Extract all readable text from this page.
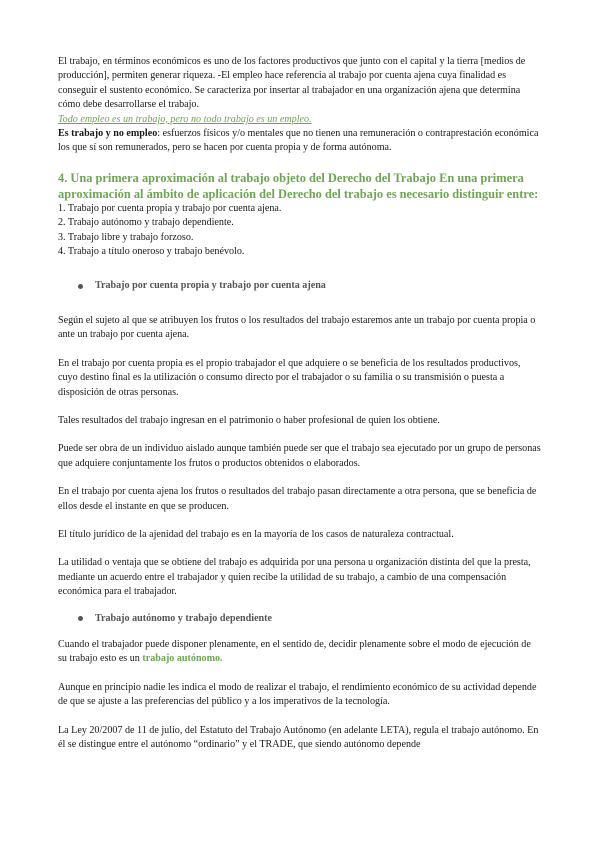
El trabajo, en términos económicos es uno de los factores productivos que junto con el capital y la tierra [medios de producción], permiten generar riqueza. -El empleo hace referencia al trabajo por cuenta ajena cuya finalidad es conseguir el sustento económico. Se caracteriza por insertar al trabajador en una organización ajena que determina cómo debe desarrollarse el trabajo.

Todo empleo es un trabajo, pero no todo trabajo es un empleo.

Es trabajo y no empleo: esfuerzos físicos y/o mentales que no tienen una remuneración o contraprestación económica los que sí son remunerados, pero se hacen por cuenta propia y de forma autónoma.

4. Una primera aproximación al trabajo objeto del Derecho del Trabajo En una primera aproximación al ámbito de aplicación del Derecho del trabajo es necesario distinguir entre:

1. Trabajo por cuenta propia y trabajo por cuenta ajena.

2. Trabajo autónomo y trabajo dependiente.

3. Trabajo libre y trabajo forzoso.

4. Trabajo a título oneroso y trabajo benévolo.

Trabajo por cuenta propia y trabajo por cuenta ajena

Según el sujeto al que se atribuyen los frutos o los resultados del trabajo estaremos ante un trabajo por cuenta propia o ante un trabajo por cuenta ajena.

En el trabajo por cuenta propia es el propio trabajador el que adquiere o se beneficia de los resultados productivos, cuyo destino final es la utilización o consumo directo por el trabajador o su familia o su transmisión o puesta a disposición de otras personas.

Tales resultados del trabajo ingresan en el patrimonio o haber profesional de quien los obtiene.

Puede ser obra de un individuo aislado aunque también puede ser que el trabajo sea ejecutado por un grupo de personas que adquiere conjuntamente los frutos o productos obtenidos o elaborados.

En el trabajo por cuenta ajena los frutos o resultados del trabajo pasan directamente a otra persona, que se beneficia de ellos desde el instante en que se producen.

El título jurídico de la ajenidad del trabajo es en la mayoría de los casos de naturaleza contractual.

La utilidad o ventaja que se obtiene del trabajo es adquirida por una persona u organización distinta del que la presta, mediante un acuerdo entre el trabajador y quien recibe la utilidad de su trabajo, a cambio de una compensación económica para el trabajador.

Trabajo autónomo y trabajo dependiente

Cuando el trabajador puede disponer plenamente, en el sentido de, decidir plenamente sobre el modo de ejecución de su trabajo esto es un trabajo autónomo.

Aunque en principio nadie les indica el modo de realizar el trabajo, el rendimiento económico de su actividad depende de que se ajuste a las preferencias del público y a los imperativos de la tecnología.

La Ley 20/2007 de 11 de julio, del Estatuto del Trabajo Autónomo (en adelante LETA), regula el trabajo autónomo. En él se distingue entre el autónomo “ordinario” y el TRADE, que siendo autónomo depende
